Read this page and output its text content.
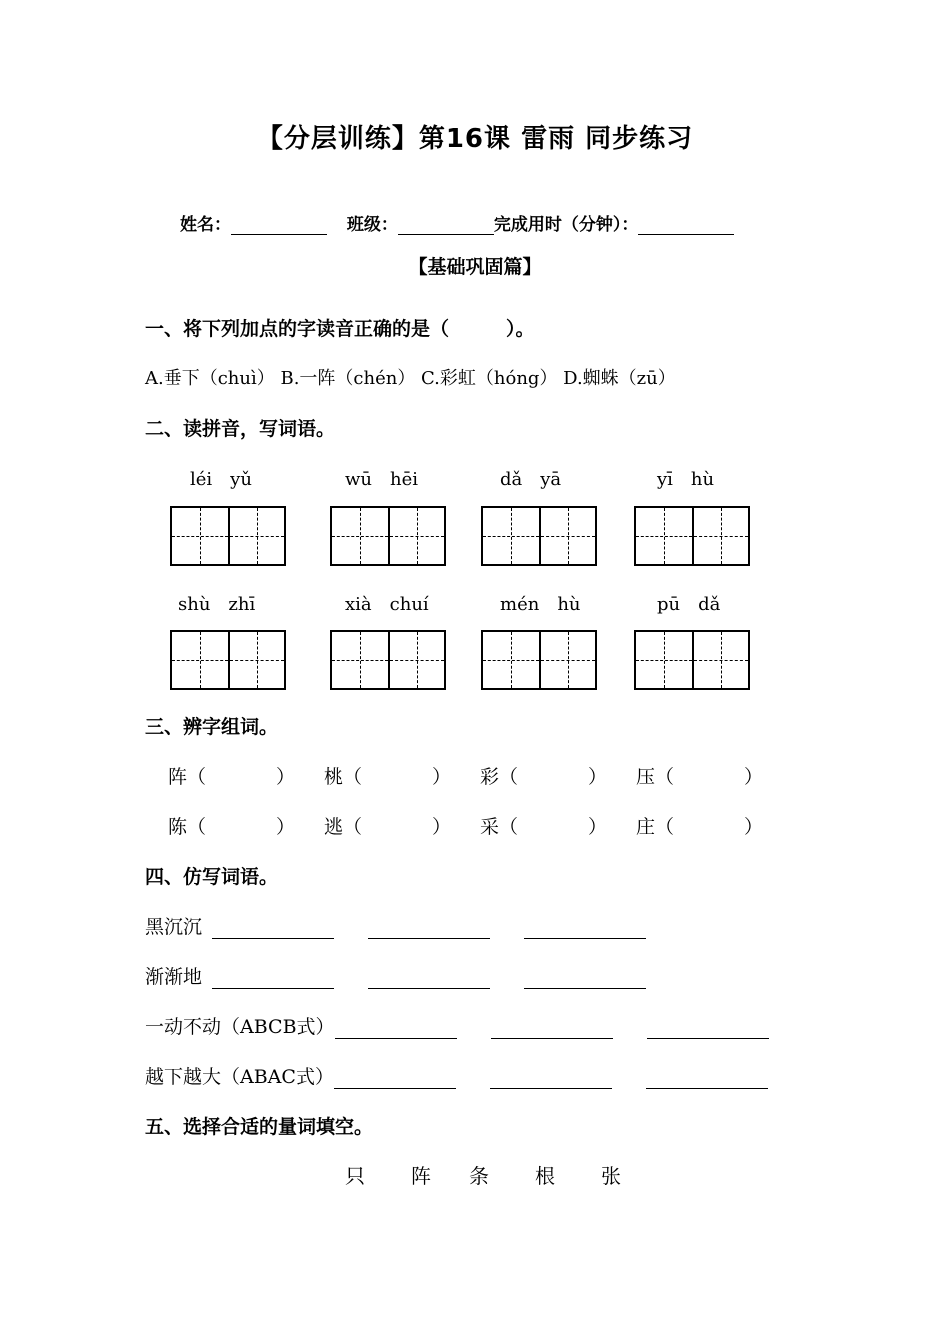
【分层训练】第16课 雷雨 同步练习
姓名：	班级：	完成用时（分钟）：
【基础巩固篇】
一、将下列加点的字读音正确的是（　　　）。
A.垂下（chuì） B.一阵（chén） C.彩虹（hóng） D.蜘蛛（zū）
二、读拼音，写词语。
léi　yǔ	wū　hēi	dǎ　yā	yī　hù
shù　zhī	xià　chuí	mén　hù	pū　dǎ
三、辨字组词。
阵（	） 桃（	） 彩（	） 压（	）
陈（	） 逃（	） 采（	） 庄（	）
四、仿写词语。
黑沉沉
渐渐地
一动不动（ABCB式）
越下越大（ABAC式）
五、选择合适的量词填空。
只 阵 条 根 张
